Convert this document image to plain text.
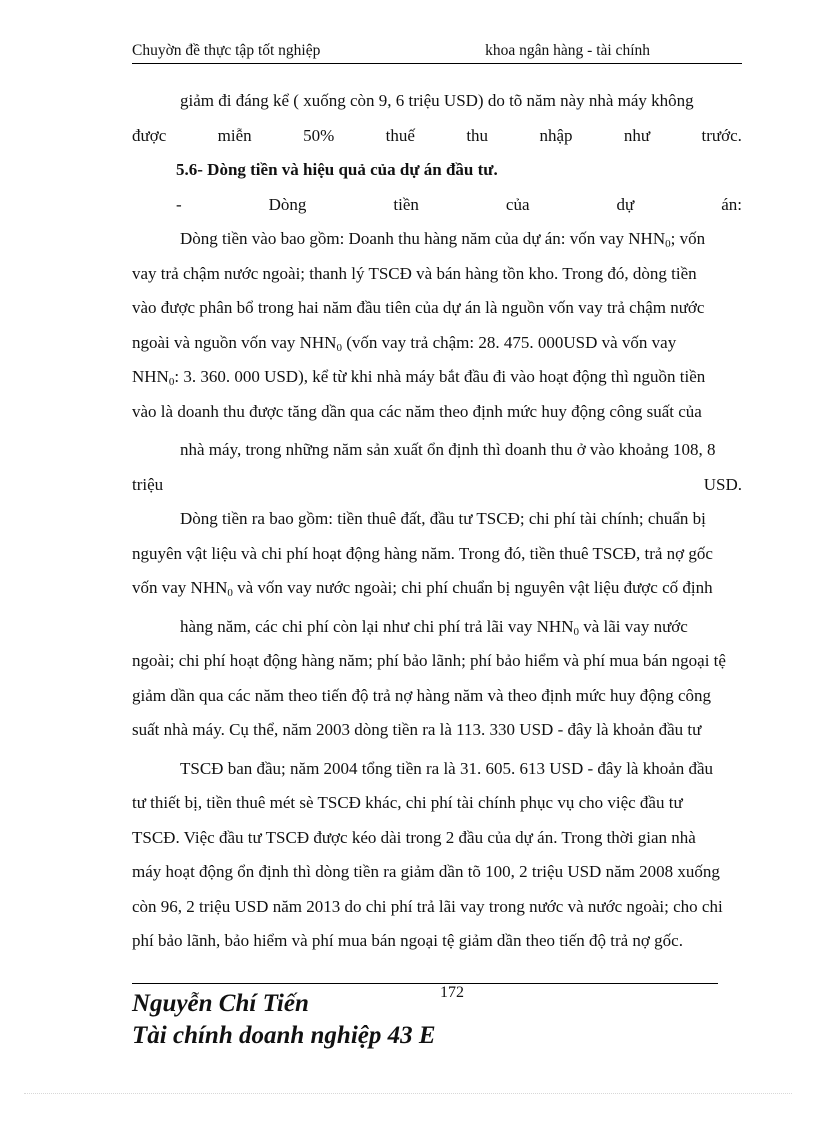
Chuyờn đề thực tập tốt nghiệp	khoa ngân hàng - tài chính
giảm đi đáng kể ( xuống còn 9, 6 triệu USD) do tõ năm này nhà máy không
được	miễn	50%	thuế	thu	nhập	như	trước.
5.6- Dòng tiền và hiệu quả của dự án đầu tư.
-	Dòng	tiền	của	dự	án:
Dòng tiền vào bao gồm: Doanh thu hàng năm của dự án: vốn vay $NHN_0$; vốn
vay trả chậm nước ngoài; thanh lý TSCĐ và bán hàng tồn kho. Trong đó, dòng tiền
vào được phân bổ trong hai năm đầu tiên của dự án là nguồn vốn vay trả chậm nước
ngoài và nguồn vốn vay $NHN_0$ (vốn vay trả chậm: 28. 475. 000USD và vốn vay
$NHN_0$: 3. 360. 000 USD), kể từ khi nhà máy bắt đầu đi vào hoạt động thì nguồn tiền
vào là doanh thu được tăng dần qua các năm theo định mức huy động công suất của
nhà máy, trong những năm sản xuất ổn định thì doanh thu ở vào khoảng 108, 8
triệu	USD.
Dòng tiền ra bao gồm: tiền thuê đất, đầu tư TSCĐ; chi phí tài chính; chuẩn bị
nguyên vật liệu và chi phí hoạt động hàng năm. Trong đó, tiền thuê TSCĐ, trả nợ gốc
vốn vay $NHN_0$ và vốn vay nước ngoài; chi phí chuẩn bị nguyên vật liệu được cố định
hàng năm, các chi phí còn lại như chi phí trả lãi vay $NHN_0$ và lãi vay nước
ngoài; chi phí hoạt động hàng năm; phí bảo lãnh; phí bảo hiểm và phí mua bán ngoại tệ
giảm dần qua các năm theo tiến độ trả nợ hàng năm và theo định mức huy động công
suất nhà máy. Cụ thể, năm 2003 dòng tiền ra là 113. 330 USD - đây là khoản đầu tư
TSCĐ ban đầu; năm 2004 tổng tiền ra là 31. 605. 613 USD - đây là khoản đầu
tư thiết bị, tiền thuê mét sè TSCĐ khác, chi phí tài chính phục vụ cho việc đầu tư
TSCĐ. Việc đầu tư TSCĐ được kéo dài trong 2 đầu của dự án. Trong thời gian nhà
máy hoạt động ổn định thì dòng tiền ra giảm dần tõ 100, 2 triệu USD năm 2008 xuống
còn 96, 2 triệu USD năm 2013 do chi phí trả lãi vay trong nước và nước ngoài; cho chi
phí bảo lãnh, bảo hiểm và phí mua bán ngoại tệ giảm dần theo tiến độ trả nợ gốc.
172
Nguyễn Chí Tiến
Tài chính doanh nghiệp 43 E
